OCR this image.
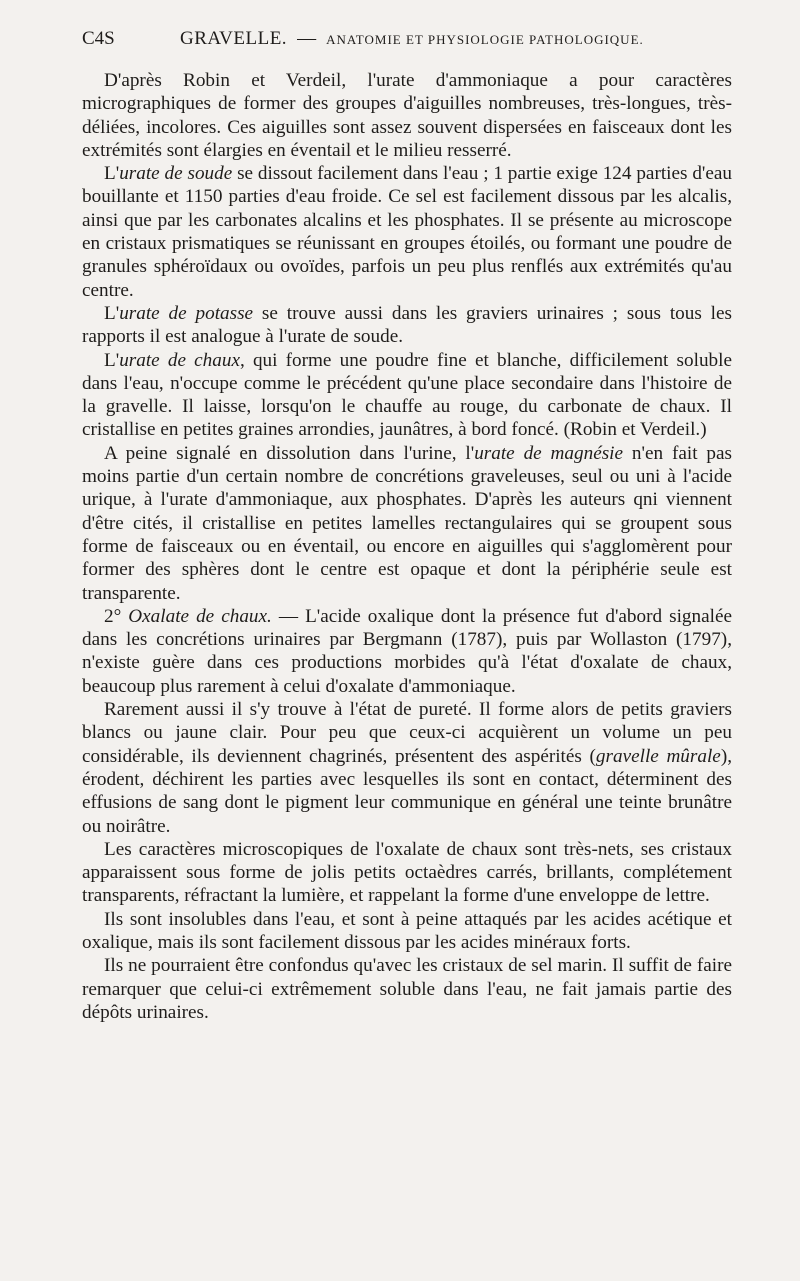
C4S	GRAVELLE. — ANATOMIE ET PHYSIOLOGIE PATHOLOGIQUE.

D'après Robin et Verdeil, l'urate d'ammoniaque a pour caractères micrographiques de former des groupes d'aiguilles nombreuses, très-longues, très-déliées, incolores. Ces aiguilles sont assez souvent dispersées en faisceaux dont les extrémités sont élargies en éventail et le milieu resserré.

L'urate de soude se dissout facilement dans l'eau ; 1 partie exige 124 parties d'eau bouillante et 1150 parties d'eau froide. Ce sel est facilement dissous par les alcalis, ainsi que par les carbonates alcalins et les phosphates. Il se présente au microscope en cristaux prismatiques se réunissant en groupes étoilés, ou formant une poudre de granules sphéroïdaux ou ovoïdes, parfois un peu plus renflés aux extrémités qu'au centre.

L'urate de potasse se trouve aussi dans les graviers urinaires ; sous tous les rapports il est analogue à l'urate de soude.

L'urate de chaux, qui forme une poudre fine et blanche, difficilement soluble dans l'eau, n'occupe comme le précédent qu'une place secondaire dans l'histoire de la gravelle. Il laisse, lorsqu'on le chauffe au rouge, du carbonate de chaux. Il cristallise en petites graines arrondies, jaunâtres, à bord foncé. (Robin et Verdeil.)

A peine signalé en dissolution dans l'urine, l'urate de magnésie n'en fait pas moins partie d'un certain nombre de concrétions graveleuses, seul ou uni à l'acide urique, à l'urate d'ammoniaque, aux phosphates. D'après les auteurs qni viennent d'être cités, il cristallise en petites lamelles rectangulaires qui se groupent sous forme de faisceaux ou en éventail, ou encore en aiguilles qui s'agglomèrent pour former des sphères dont le centre est opaque et dont la périphérie seule est transparente.

2° Oxalate de chaux. — L'acide oxalique dont la présence fut d'abord signalée dans les concrétions urinaires par Bergmann (1787), puis par Wollaston (1797), n'existe guère dans ces productions morbides qu'à l'état d'oxalate de chaux, beaucoup plus rarement à celui d'oxalate d'ammoniaque.

Rarement aussi il s'y trouve à l'état de pureté. Il forme alors de petits graviers blancs ou jaune clair. Pour peu que ceux-ci acquièrent un volume un peu considérable, ils deviennent chagrinés, présentent des aspérités (gravelle mûrale), érodent, déchirent les parties avec lesquelles ils sont en contact, déterminent des effusions de sang dont le pigment leur communique en général une teinte brunâtre ou noirâtre.

Les caractères microscopiques de l'oxalate de chaux sont très-nets, ses cristaux apparaissent sous forme de jolis petits octaèdres carrés, brillants, complétement transparents, réfractant la lumière, et rappelant la forme d'une enveloppe de lettre.

Ils sont insolubles dans l'eau, et sont à peine attaqués par les acides acétique et oxalique, mais ils sont facilement dissous par les acides minéraux forts.

Ils ne pourraient être confondus qu'avec les cristaux de sel marin. Il suffit de faire remarquer que celui-ci extrêmement soluble dans l'eau, ne fait jamais partie des dépôts urinaires.
